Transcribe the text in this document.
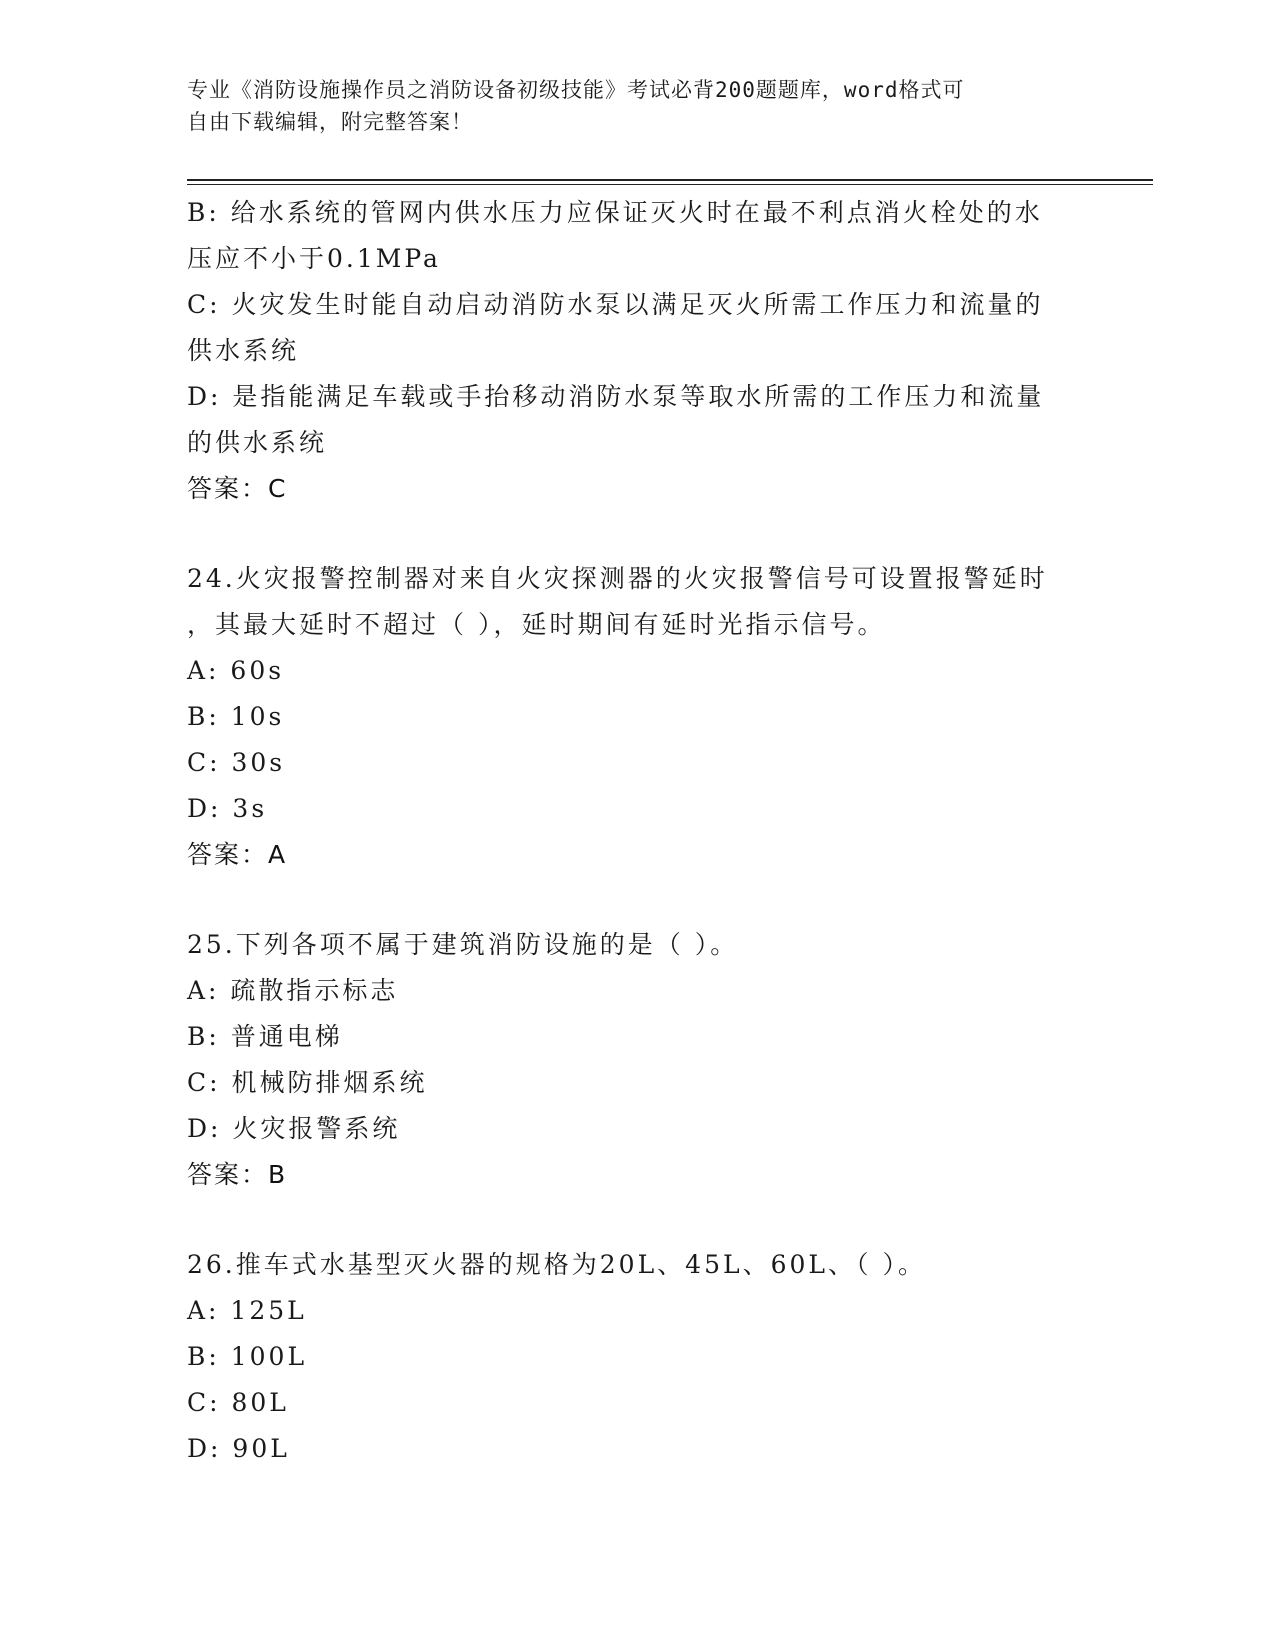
专业《消防设施操作员之消防设备初级技能》考试必背200题题库，word格式可
自由下载编辑，附完整答案！
B: 给水系统的管网内供水压力应保证灭火时在最不利点消火栓处的水
压应不小于0.1MPa
C: 火灾发生时能自动启动消防水泵以满足灭火所需工作压力和流量的
供水系统
D: 是指能满足车载或手抬移动消防水泵等取水所需的工作压力和流量
的供水系统
答案：C
24.火灾报警控制器对来自火灾探测器的火灾报警信号可设置报警延时
，其最大延时不超过（ ），延时期间有延时光指示信号。
A: 60s
B: 10s
C: 30s
D: 3s
答案：A
25.下列各项不属于建筑消防设施的是（ ）。
A: 疏散指示标志
B: 普通电梯
C: 机械防排烟系统
D: 火灾报警系统
答案：B
26.推车式水基型灭火器的规格为20L、45L、60L、（ ）。
A: 125L
B: 100L
C: 80L
D: 90L
